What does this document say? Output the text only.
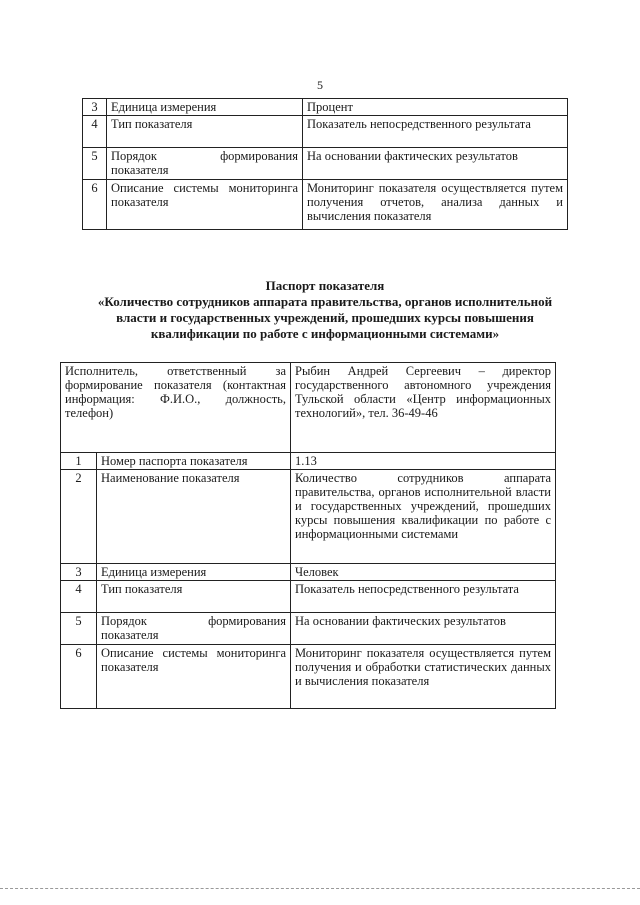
5
3	Единица измерения	Процент
4	Тип показателя	Показатель непосредственного результата
5	Порядок формирования показателя	На основании фактических результатов
6	Описание системы мониторинга показателя	Мониторинг показателя осуществляется путем получения отчетов, анализа данных и вычисления показателя
Паспорт показателя
«Количество сотрудников аппарата правительства, органов исполнительной власти и государственных учреждений, прошедших курсы повышения квалификации по работе с информационными системами»
Исполнитель, ответственный за формирование показателя (контактная информация: Ф.И.О., должность, телефон)		Рыбин Андрей Сергеевич – директор государственного автономного учреждения Тульской области «Центр информационных технологий», тел. 36-49-46
1	Номер паспорта показателя	1.13
2	Наименование показателя	Количество сотрудников аппарата правительства, органов исполнительной власти и государственных учреждений, прошедших курсы повышения квалификации по работе с информационными системами
3	Единица измерения	Человек
4	Тип показателя	Показатель непосредственного результата
5	Порядок формирования показателя	На основании фактических результатов
6	Описание системы мониторинга показателя	Мониторинг показателя осуществляется путем получения и обработки статистических данных и вычисления показателя
